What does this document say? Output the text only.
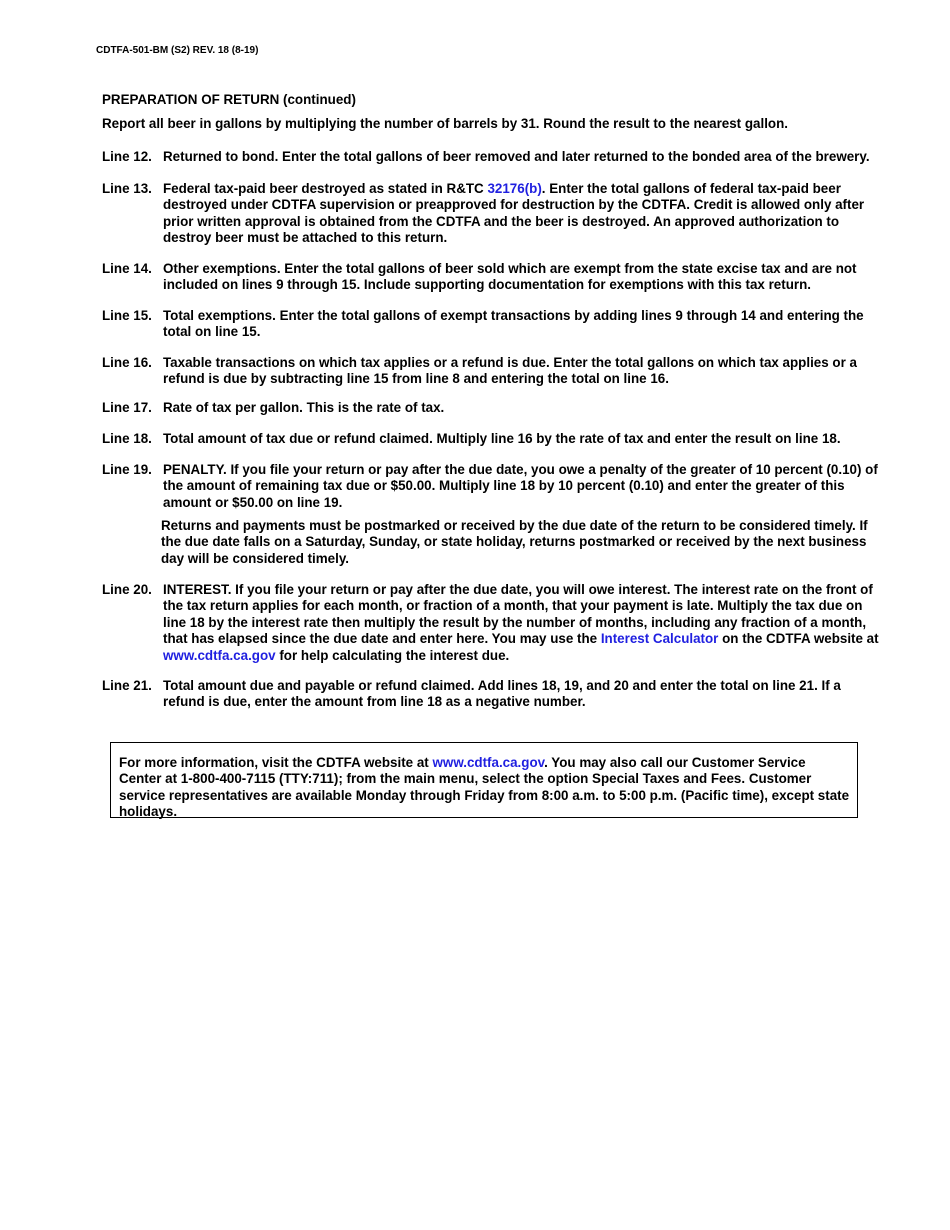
CDTFA-501-BM (S2) REV. 18 (8-19)
PREPARATION OF RETURN (continued)
Report all beer in gallons by multiplying the number of barrels by 31. Round the result to the nearest gallon.
Line 12. Returned to bond. Enter the total gallons of beer removed and later returned to the bonded area of the brewery.
Line 13. Federal tax-paid beer destroyed as stated in R&TC 32176(b). Enter the total gallons of federal tax-paid beer destroyed under CDTFA supervision or preapproved for destruction by the CDTFA. Credit is allowed only after prior written approval is obtained from the CDTFA and the beer is destroyed. An approved authorization to destroy beer must be attached to this return.
Line 14. Other exemptions. Enter the total gallons of beer sold which are exempt from the state excise tax and are not included on lines 9 through 15. Include supporting documentation for exemptions with this tax return.
Line 15. Total exemptions. Enter the total gallons of exempt transactions by adding lines 9 through 14 and entering the total on line 15.
Line 16. Taxable transactions on which tax applies or a refund is due. Enter the total gallons on which tax applies or a refund is due by subtracting line 15 from line 8 and entering the total on line 16.
Line 17. Rate of tax per gallon. This is the rate of tax.
Line 18. Total amount of tax due or refund claimed. Multiply line 16 by the rate of tax and enter the result on line 18.
Line 19. PENALTY. If you file your return or pay after the due date, you owe a penalty of the greater of 10 percent (0.10) of the amount of remaining tax due or $50.00. Multiply line 18 by 10 percent (0.10) and enter the greater of this amount or $50.00 on line 19.
Returns and payments must be postmarked or received by the due date of the return to be considered timely. If the due date falls on a Saturday, Sunday, or state holiday, returns postmarked or received by the next business day will be considered timely.
Line 20. INTEREST. If you file your return or pay after the due date, you will owe interest. The interest rate on the front of the tax return applies for each month, or fraction of a month, that your payment is late. Multiply the tax due on line 18 by the interest rate then multiply the result by the number of months, including any fraction of a month, that has elapsed since the due date and enter here. You may use the Interest Calculator on the CDTFA website at www.cdtfa.ca.gov for help calculating the interest due.
Line 21. Total amount due and payable or refund claimed. Add lines 18, 19, and 20 and enter the total on line 21. If a refund is due, enter the amount from line 18 as a negative number.
For more information, visit the CDTFA website at www.cdtfa.ca.gov. You may also call our Customer Service Center at 1-800-400-7115 (TTY:711); from the main menu, select the option Special Taxes and Fees. Customer service representatives are available Monday through Friday from 8:00 a.m. to 5:00 p.m. (Pacific time), except state holidays.
